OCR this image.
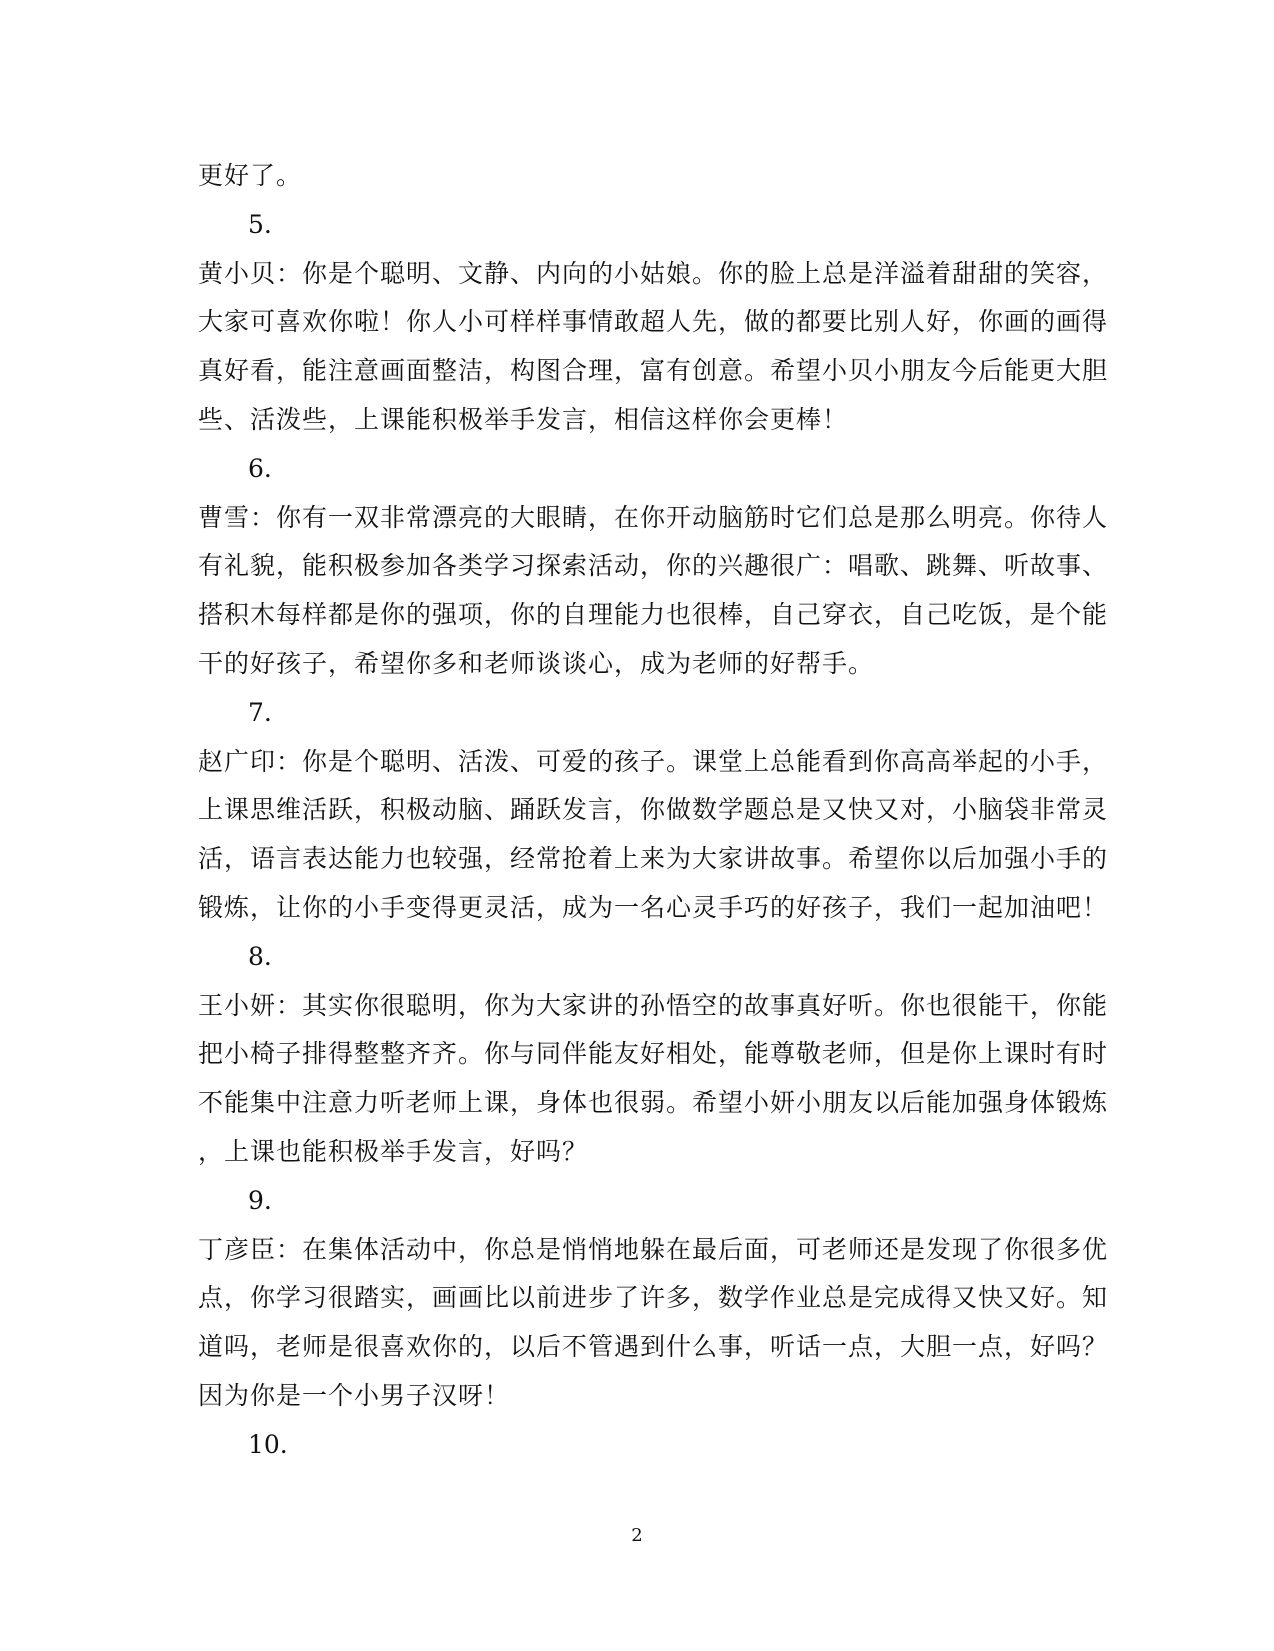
更好了。
5.
黄小贝：你是个聪明、文静、内向的小姑娘。你的脸上总是洋溢着甜甜的笑容，
大家可喜欢你啦！你人小可样样事情敢超人先，做的都要比别人好，你画的画得
真好看，能注意画面整洁，构图合理，富有创意。希望小贝小朋友今后能更大胆
些、活泼些，上课能积极举手发言，相信这样你会更棒！
6.
曹雪：你有一双非常漂亮的大眼睛，在你开动脑筋时它们总是那么明亮。你待人
有礼貌，能积极参加各类学习探索活动，你的兴趣很广：唱歌、跳舞、听故事、
搭积木每样都是你的强项，你的自理能力也很棒，自己穿衣，自己吃饭，是个能
干的好孩子，希望你多和老师谈谈心，成为老师的好帮手。
7.
赵广印：你是个聪明、活泼、可爱的孩子。课堂上总能看到你高高举起的小手，
上课思维活跃，积极动脑、踊跃发言，你做数学题总是又快又对，小脑袋非常灵
活，语言表达能力也较强，经常抢着上来为大家讲故事。希望你以后加强小手的
锻炼，让你的小手变得更灵活，成为一名心灵手巧的好孩子，我们一起加油吧！
8.
王小妍：其实你很聪明，你为大家讲的孙悟空的故事真好听。你也很能干，你能
把小椅子排得整整齐齐。你与同伴能友好相处，能尊敬老师，但是你上课时有时
不能集中注意力听老师上课，身体也很弱。希望小妍小朋友以后能加强身体锻炼
，上课也能积极举手发言，好吗？
9.
丁彦臣：在集体活动中，你总是悄悄地躲在最后面，可老师还是发现了你很多优
点，你学习很踏实，画画比以前进步了许多，数学作业总是完成得又快又好。知
道吗，老师是很喜欢你的，以后不管遇到什么事，听话一点，大胆一点，好吗？
因为你是一个小男子汉呀！
10.
2
